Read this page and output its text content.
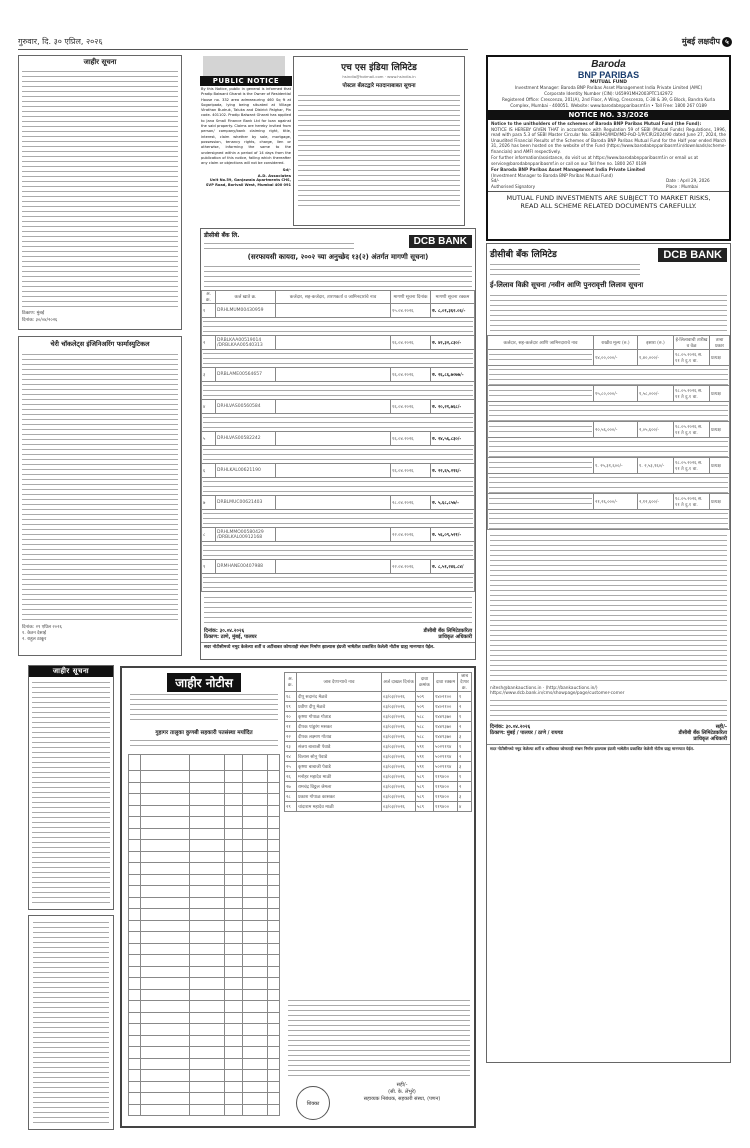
गुरुवार, दि. ३० एप्रिल, २०२६	मुंबई लक्षदीप ५
जाहीर सूचना
ठिकाण: मुंबई
दिनांक: ३०/०४/२०२६
चेरी चॉकलेट्स इंजिनिअरिंग फार्मास्युटिकल
दिनांक: २९ एप्रिल २०२६
१. केतन देसाई
२. राहुल ठाकूर
जाहीर सूचना
PUBLIC NOTICE
By this Notice, public in general is informed that Pradip Balwant Gharat is the Owner of Residential House no. 332 area admeasuring 460 Sq ft at Sogaripada, lying being situated at Village Virathan Budruk, Taluka and District Palghar, Pin code- 401102. Pradip Balwant Gharat has applied to Jana Small Finance Bank Ltd for loan against the said property. Claims are hereby invited from person/ company/bank claiming right, title, interest, claim whether by sale, mortgage, possession, tenancy rights, charge, lien or otherwise, informing the same to the undersigned within a period of 14 days from the publication of this notice, failing which thereafter any claim or objections will not be considered.
Sd/-
A.D. Associates
Unit No.59, Ganjawala Apartments CHS, SVP Road, Borivali West, Mumbai 400 091
एच एस इंडिया लिमिटेड
hsindia@hotmail.com · www.hsindia.in
पोस्टल बॅलटद्वारे मतदानाबाबत सूचना
डीसीबी बँक लि.
DCB BANK
(सरफायसी कायदा, २००२ च्या अनुच्छेद १३(२) अंतर्गत मागणी सूचना)
अ. क्र.	कर्ज खाते क्र.	कर्जदार, सह-कर्जदार, तारणकर्ता व जामिनदारांचे नाव	मागणी सूचना दिनांक	मागणी सूचना रक्कम
१	DRHLMUM00430959		१५.०४.२०२६	रु. ८,०१,३६२.०६/-

२	DRBLKAA00519014 /DRBLKAA00540313		१६.०४.२०२६	रु. ४२,३२,८३०/-

३	DRBLAME00564657		१६.०४.२०२६	रु. २६,८६,७०७७/-

४	DRHLVAS00560584		१६.०४.२०२६	रु. २०,२१,७६८/-

५	DRHLVAS00582242		१६.०४.२०२६	रु. २४,५६,८३०/-

६	DRHLKAL00621190		१६.०४.२०२६	रु. २२,६५,२१६/-

७	DRBLMUC00621403		२८.०४.२०२६	रु. ५,६८,८५७/-

८	DRHLMMO00580429 /DRBLKAL00912168		२२.०४.२०२६	रु. ५६,०९,५२१/-

९	DRMHANE00407988		२२.०४.२०२६	रु. ८,५१,२४६.८४/

दिनांक: ३०.०४.२०२६	डीसीबी बँक लिमिटेडकरिता
ठिकाण: ठाणे, मुंबई, पालघर	प्राधिकृत अधिकारी
सदर नोटीसीमध्ये नमूद केलेल्या शर्ती व अटींबाबत कोणताही संभ्रम निर्माण झाल्यास इंग्रजी भाषेतील प्रकाशित केलेली नोटीस ग्राह्य मानण्यात येईल.
जाहीर नोटीस
गुहागर तालुका कुणबी सहकारी पतसंस्था मर्यादित

अ. क्र.	जाब देणाऱ्याचे नाव	अर्ज दाखल दिनांक	दावा क्रमांक	दावा रक्कम	जाब देणार क्र.
१८	दीपू सदानंद मेळवे	०३/०३/२०२६	५०९	१४०२१००	१
१९	प्रवीण दीपू मेळवे	०३/०३/२०२६	५०९	१४०२१००	२
२०	कृष्णा गोपाळ गोताड	०३/०३/२०२६	५८८	१४४९३७०	१
२१	दीपक पांडुरंग मसकर	०३/०३/२०२६	५८८	१४४९३७०	२
२२	दीपक लक्ष्मण गोताड	०३/०३/२०२६	५८८	१४४९३७०	३
२३	संजय बाबाजी पेवाडे	०३/०३/२०२६	५९१	५०२९११४	१
२४	विलास सोनू पेवाडे	०३/०३/२०२६	५९१	५०२९११४	२
२५	कृष्णा बाबाजी पेवाडे	०३/०३/२०२६	५९१	५०२९११४	३
२६	मनोहर महादेव माळी	०३/०३/२०२६	५८९	११९४००	१
२७	रामचंद्र विठ्ठल जेमला	०३/०३/२०२६	५८९	११९४००	२
२८	प्रकाश गोपाळ कासकर	०३/०३/२०२६	५८९	११९४००	३
२९	चांदाराम महादेव माळी	०३/०३/२०२६	५८९	११९४००	४
शिक्का
सही/-
(सी. के. लेंभुरे)
सहाय्यक निबंधक, सहकारी संस्था, (पणन)
Baroda
BNP PARIBAS
MUTUAL FUND
Investment Manager: Baroda BNP Paribas Asset Management India Private Limited (AMC)
Corporate Identity Number (CIN): U65991MH2003PTC142972
Registered Office: Crescenzo, 201(A), 2nd Floor, A Wing, Crescenzo, C-38 & 39, G Block, Bandra Kurla Complex, Mumbai - 400051. Website: www.barodabnpparibasmf.in • Toll Free: 1800 267 0189
NOTICE NO. 33/2026
Notice to the unitholders of the schemes of Baroda BNP Paribas Mutual Fund (the Fund):
NOTICE IS HEREBY GIVEN THAT in accordance with Regulation 59 of SEBI (Mutual Funds) Regulations, 1996, read with para 5.3 of SEBI Master Circular No. SEBI/HO/IMD/IMD-PoD-1/P/CIR/2024/90 dated June 27, 2024, the Unaudited Financial Results of the Schemes of Baroda BNP Paribas Mutual Fund for the Half year ended March 31, 2026 has been hosted on the website of the Fund (https://www.barodabnpparibasmf.in/downloads/scheme-financials) and AMFI respectively.
For further information/assistance, do visit us at https://www.barodabnpparibasmf.in or email us at service@barodabnpparibasmf.in or call on our Toll free no. 1800 267 0189
For Baroda BNP Paribas Asset Management India Private Limited
(Investment Manager to Baroda BNP Paribas Mutual Fund)
Sd/-	Date : April 29, 2026
Authorised Signatory	Place : Mumbai
MUTUAL FUND INVESTMENTS ARE SUBJECT TO MARKET RISKS,
READ ALL SCHEME RELATED DOCUMENTS CAREFULLY.
डीसीबी बँक लिमिटेड	DCB BANK
ई-लिलाव विक्री सूचना /नवीन आणि पुनरावृत्ती लिलाव सूचना
कर्जदार, सह-कर्जदार आणि जामिनदाराचे नाव	राखीव मूल्य (रु.)	इसारा (रु.)	ई-लिलावाची तारीख व वेळ	ताबा प्रकार

	१४,००,०००/-	१,४०,०००/-	१८.०५.२०२६ स. ११ ते दु.१ वा.	प्रत्यक्ष

	१५,८०,०००/-	१,५८,०००/-	१८.०५.२०२६ स. ११ ते दु.१ वा.	प्रत्यक्ष

	२०,५६,०००/-	२,०५,६००/-	१८.०५.२०२६ स. ११ ते दु.१ वा.	प्रत्यक्ष

	१. २५,३१,६००/-	१. २,५३,१६०/-	१८.०५.२०२६ स. ११ ते दु.१ वा.	प्रत्यक्ष

	२१,२६,०००/-	२,१२,६००/-	१८.०५.२०२६ स. ११ ते दु.१ वा.	प्रत्यक्ष

nitesh@bankauctions.in · (http://bankauctions.in/)
https://www.dcb.bank.in/cms/showpage/page/customer-corner
दिनांक: ३०.०४.२०२६	सही/-
ठिकाण: मुंबई / पालघर / ठाणे / रायगड	डीसीबी बँक लिमिटेडकरिता
प्राधिकृत अधिकारी
सदर नोटीसीमध्ये नमूद केलेल्या शर्ती व अटींबाबत कोणताही संभ्रम निर्माण झाल्यास इंग्रजी भाषेतील प्रकाशित केलेली नोटीस ग्राह्य मानण्यात येईल.
